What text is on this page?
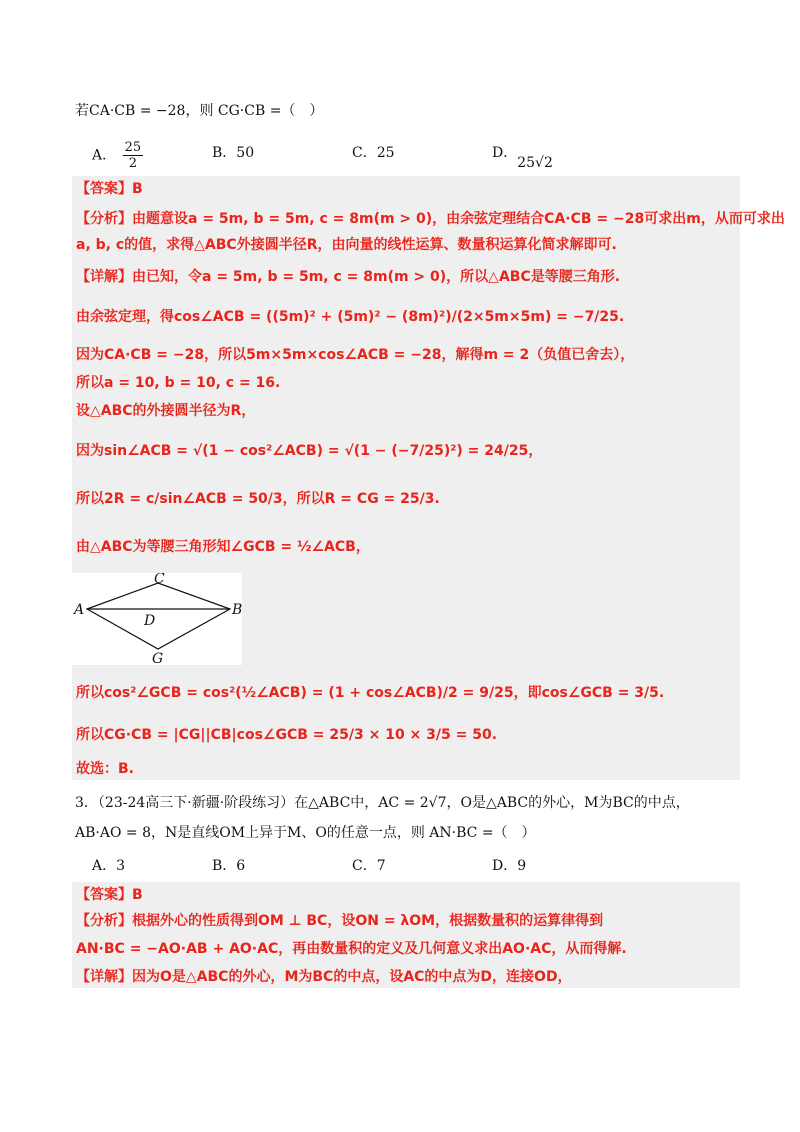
若CA·CB = −28，则 CG·CB =（　）
A． $\frac{25}{2}$	B．50	C．25	D．25√2
【答案】B
【分析】由题意设a = 5m, b = 5m, c = 8m(m > 0)，由余弦定理结合CA·CB = −28可求出m，从而可求出
a, b, c的值，求得△ABC外接圆半径R，由向量的线性运算、数量积运算化简求解即可.
【详解】由已知，令a = 5m, b = 5m, c = 8m(m > 0)，所以△ABC是等腰三角形.
由余弦定理，得cos∠ACB = ((5m)² + (5m)² − (8m)²)/(2×5m×5m) = −7/25.
因为CA·CB = −28，所以5m×5m×cos∠ACB = −28，解得m = 2（负值已舍去），
所以a = 10, b = 10, c = 16.
设△ABC的外接圆半径为R，
因为sin∠ACB = √(1 − cos²∠ACB) = √(1 − (−7/25)²) = 24/25，
所以2R = c/sin∠ACB = 50/3，所以R = CG = 25/3.
由△ABC为等腰三角形知∠GCB = ½∠ACB，
所以cos²∠GCB = cos²(½∠ACB) = (1 + cos∠ACB)/2 = 9/25，即cos∠GCB = 3/5.
所以CG·CB = |CG||CB|cos∠GCB = 25/3 × 10 × 3/5 = 50.
故选：B.
A	B
C
D
G
3．（23-24高三下·新疆·阶段练习）在△ABC中，AC = 2√7，O是△ABC的外心，M为BC的中点，
AB·AO = 8，N是直线OM上异于M、O的任意一点，则 AN·BC =（　）
A．3	B．6	C．7	D．9
【答案】B
【分析】根据外心的性质得到OM ⊥ BC，设ON = λOM，根据数量积的运算律得到
AN·BC = −AO·AB + AO·AC，再由数量积的定义及几何意义求出AO·AC，从而得解.
【详解】因为O是△ABC的外心，M为BC的中点，设AC的中点为D，连接OD，
